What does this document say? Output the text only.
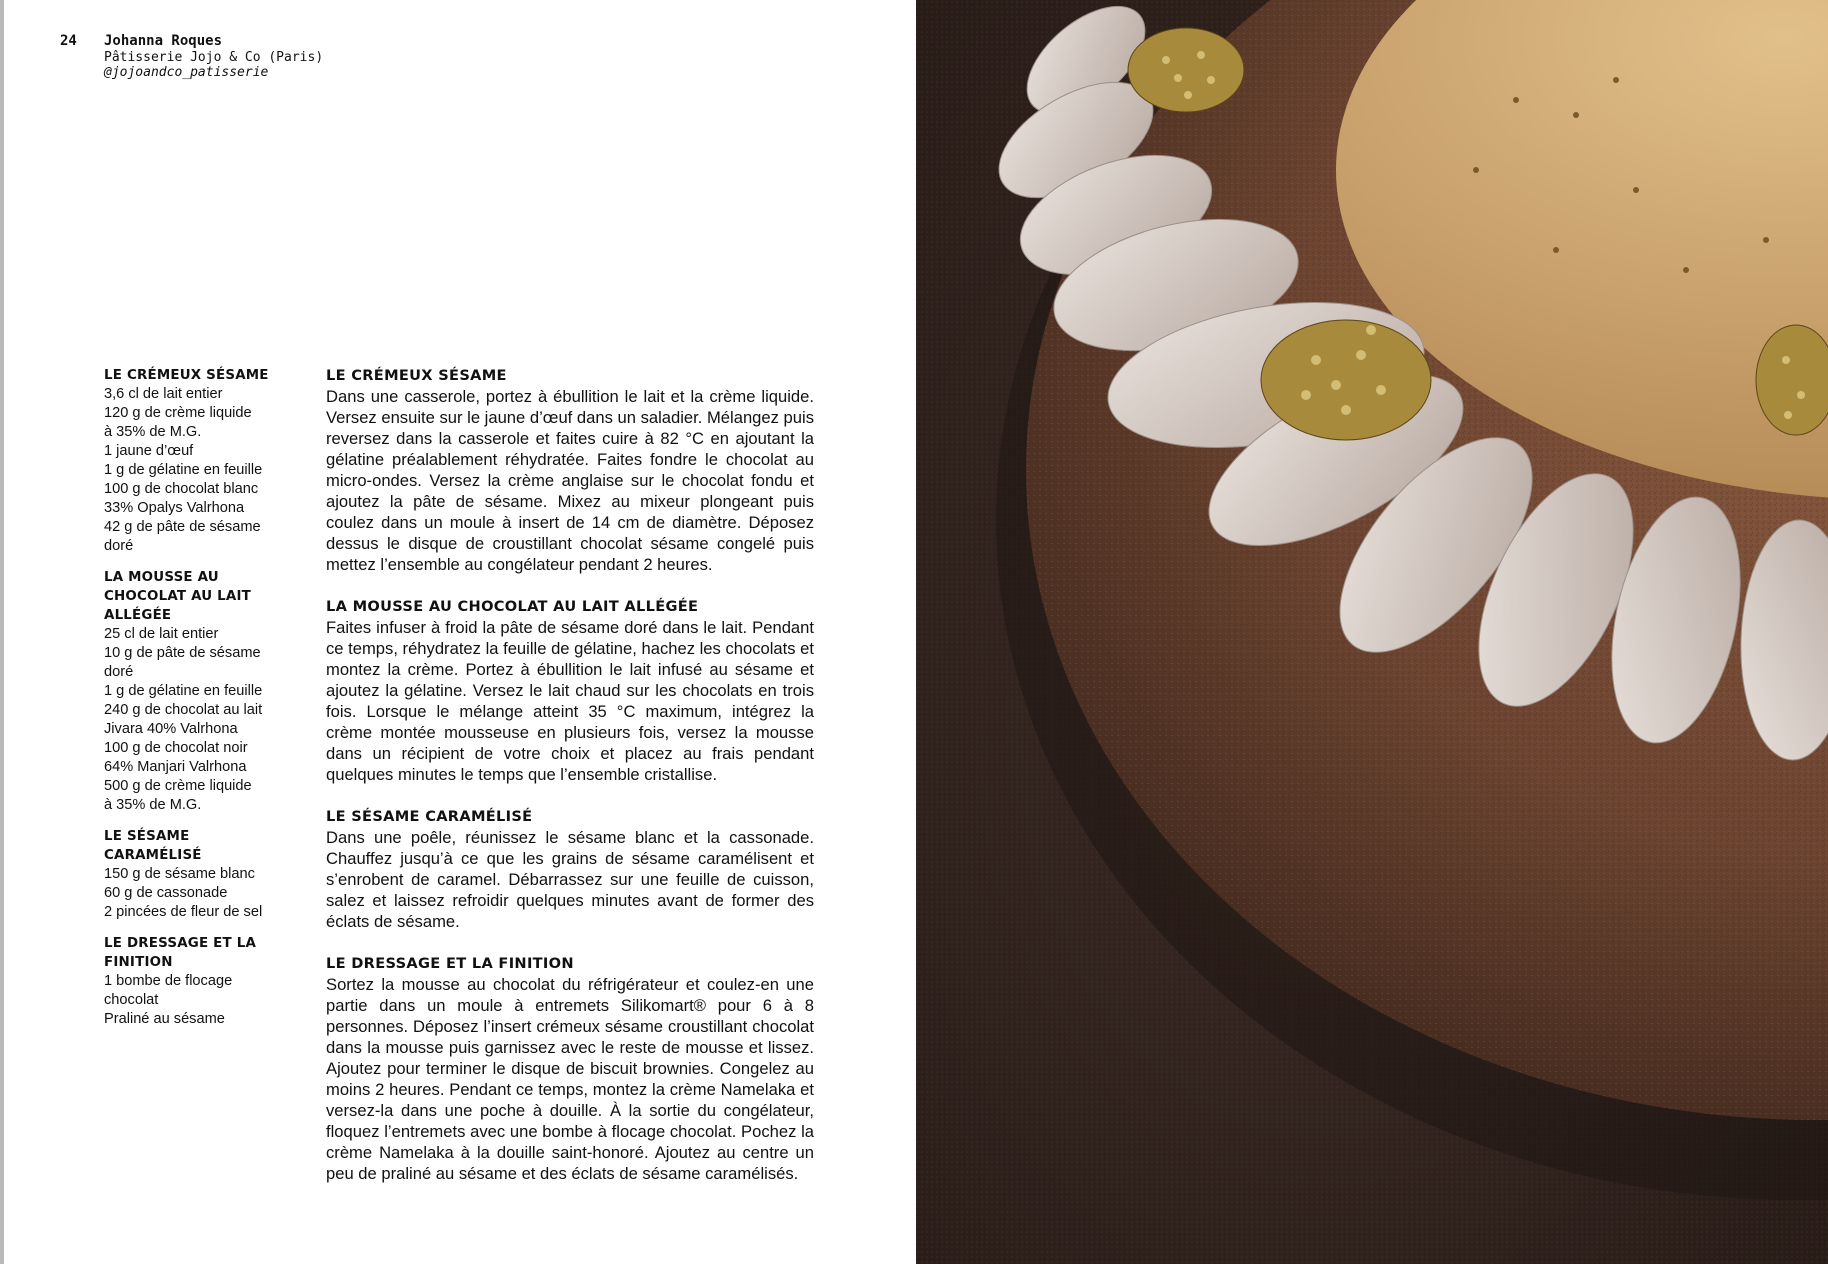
24 Johanna Roques
Pâtisserie Jojo & Co (Paris)
@jojoandco_patisserie
LE CRÉMEUX SÉSAME
3,6 cl de lait entier
120 g de crème liquide
à 35% de M.G.
1 jaune d’œuf
1 g de gélatine en feuille
100 g de chocolat blanc
33% Opalys Valrhona
42 g de pâte de sésame
doré
LA MOUSSE AU CHOCOLAT AU LAIT ALLÉGÉE
25 cl de lait entier
10 g de pâte de sésame
doré
1 g de gélatine en feuille
240 g de chocolat au lait
Jivara 40% Valrhona
100 g de chocolat noir
64% Manjari Valrhona
500 g de crème liquide
à 35% de M.G.
LE SÉSAME CARAMÉLISÉ
150 g de sésame blanc
60 g de cassonade
2 pincées de fleur de sel
LE DRESSAGE ET LA FINITION
1 bombe de flocage
chocolat
Praliné au sésame
LE CRÉMEUX SÉSAME
Dans une casserole, portez à ébullition le lait et la crème liquide. Versez ensuite sur le jaune d’œuf dans un saladier. Mélangez puis reversez dans la casserole et faites cuire à 82 °C en ajoutant la gélatine préalablement réhydratée. Faites fondre le chocolat au micro-ondes. Versez la crème anglaise sur le chocolat fondu et ajoutez la pâte de sésame. Mixez au mixeur plongeant puis coulez dans un moule à insert de 14 cm de diamètre. Déposez dessus le disque de croustillant chocolat sésame congelé puis mettez l’ensemble au congélateur pendant 2 heures.
LA MOUSSE AU CHOCOLAT AU LAIT ALLÉGÉE
Faites infuser à froid la pâte de sésame doré dans le lait. Pendant ce temps, réhydratez la feuille de gélatine, hachez les chocolats et montez la crème. Portez à ébullition le lait infusé au sésame et ajoutez la gélatine. Versez le lait chaud sur les chocolats en trois fois. Lorsque le mélange atteint 35 °C maximum, intégrez la crème montée mousseuse en plusieurs fois, versez la mousse dans un récipient de votre choix et placez au frais pendant quelques minutes le temps que l’ensemble cristallise.
LE SÉSAME CARAMÉLISÉ
Dans une poêle, réunissez le sésame blanc et la cassonade. Chauffez jusqu’à ce que les grains de sésame caramélisent et s’enrobent de caramel. Débarrassez sur une feuille de cuisson, salez et laissez refroidir quelques minutes avant de former des éclats de sésame.
LE DRESSAGE ET LA FINITION
Sortez la mousse au chocolat du réfrigérateur et coulez-en une partie dans un moule à entremets Silikomart® pour 6 à 8 personnes. Déposez l’insert crémeux sésame croustillant chocolat dans la mousse puis garnissez avec le reste de mousse et lissez. Ajoutez pour terminer le disque de biscuit brownies. Congelez au moins 2 heures. Pendant ce temps, montez la crème Namelaka et versez-la dans une poche à douille. À la sortie du congélateur, floquez l’entremets avec une bombe à flocage chocolat. Pochez la crème Namelaka à la douille saint-honoré. Ajoutez au centre un peu de praliné au sésame et des éclats de sésame caramélisés.
